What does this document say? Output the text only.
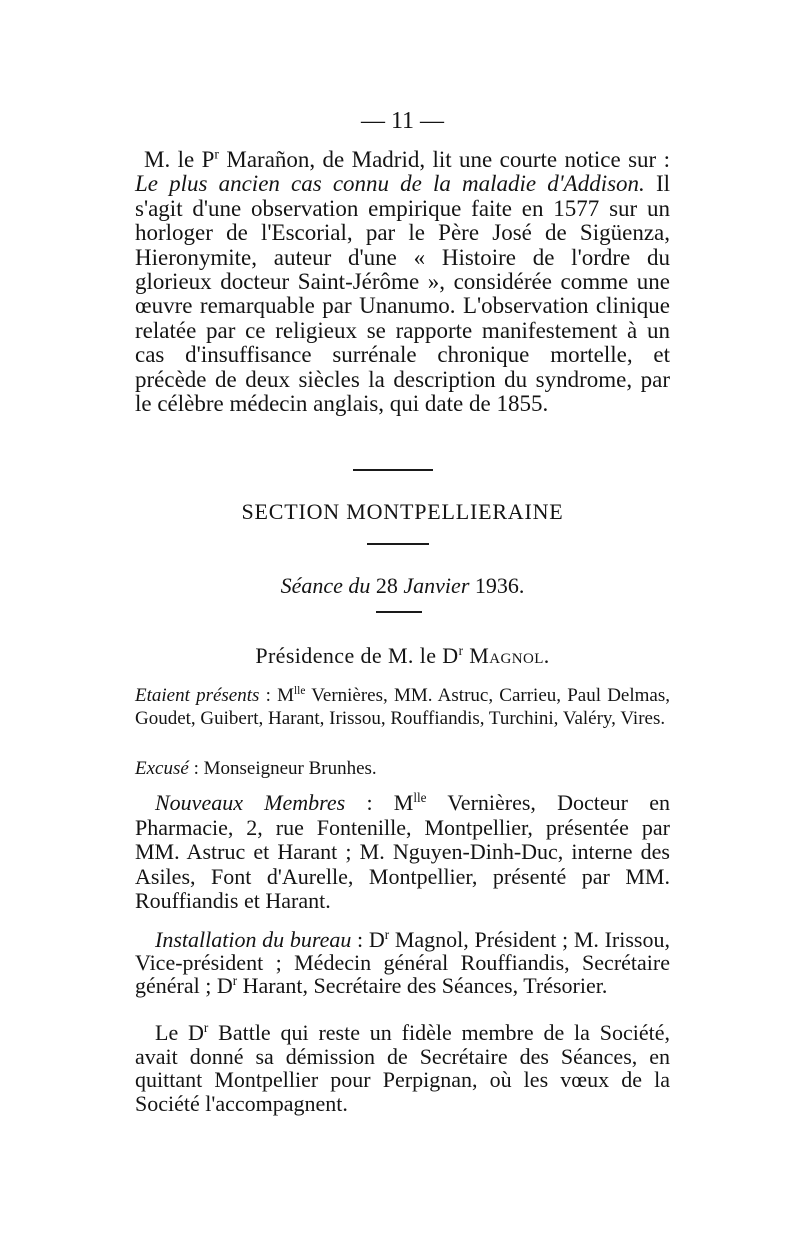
— 11 —

M. le $P^r$ Marañon, de Madrid, lit une courte notice sur : Le plus ancien cas connu de la maladie d'Addison. Il s'agit d'une observation empirique faite en 1577 sur un horloger de l'Escorial, par le Père José de Sigüenza, Hieronymite, auteur d'une « Histoire de l'ordre du glorieux docteur Saint-Jérôme », considérée comme une œuvre remarquable par Unanumo. L'observation clinique relatée par ce religieux se rapporte manifestement à un cas d'insuffisance surrénale chronique mortelle, et précède de deux siècles la description du syndrome, par le célèbre médecin anglais, qui date de 1855.

SECTION MONTPELLIERAINE
Séance du 28 Janvier 1936.
Présidence de M. le $D^r$ Magnol.

Etaient présents : $M^{lle}$ Vernières, MM. Astruc, Carrieu, Paul Delmas, Goudet, Guibert, Harant, Irissou, Rouffiandis, Turchini, Valéry, Vires.

Excusé : Monseigneur Brunhes.

Nouveaux Membres : $M^{lle}$ Vernières, Docteur en Pharmacie, 2, rue Fontenille, Montpellier, présentée par MM. Astruc et Harant ; M. Nguyen-Dinh-Duc, interne des Asiles, Font d'Aurelle, Montpellier, présenté par MM. Rouffiandis et Harant.

Installation du bureau : $D^r$ Magnol, Président ; M. Irissou, Vice-président ; Médecin général Rouffiandis, Secrétaire général ; $D^r$ Harant, Secrétaire des Séances, Trésorier.

Le $D^r$ Battle qui reste un fidèle membre de la Société, avait donné sa démission de Secrétaire des Séances, en quittant Montpellier pour Perpignan, où les vœux de la Société l'accompagnent.
